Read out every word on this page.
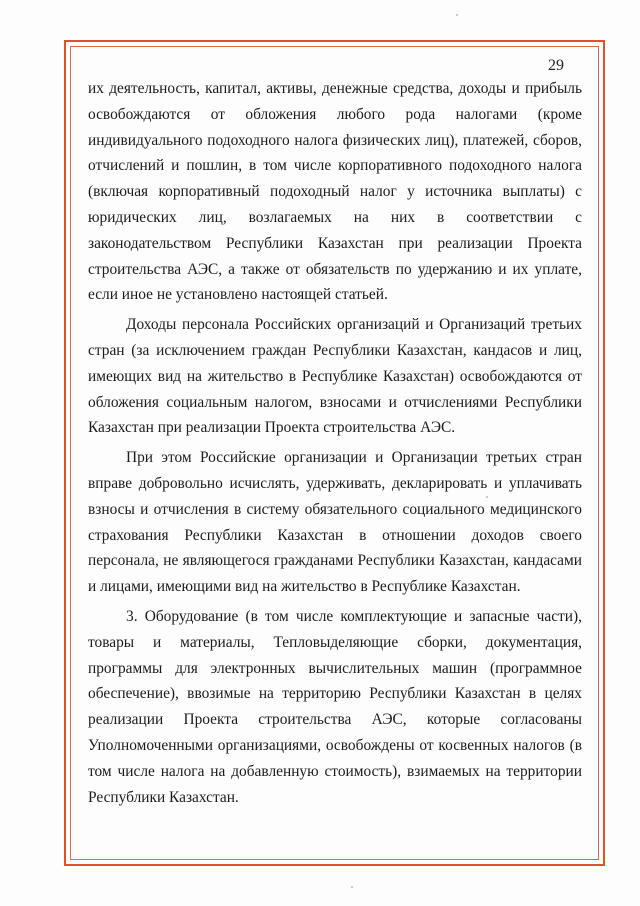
29

их деятельность, капитал, активы, денежные средства, доходы и прибыль освобождаются от обложения любого рода налогами (кроме индивидуального подоходного налога физических лиц), платежей, сборов, отчислений и пошлин, в том числе корпоративного подоходного налога (включая корпоративный подоходный налог у источника выплаты) с юридических лиц, возлагаемых на них в соответствии с законодательством Республики Казахстан при реализации Проекта строительства АЭС, а также от обязательств по удержанию и их уплате, если иное не установлено настоящей статьей.

Доходы персонала Российских организаций и Организаций третьих стран (за исключением граждан Республики Казахстан, кандасов и лиц, имеющих вид на жительство в Республике Казахстан) освобождаются от обложения социальным налогом, взносами и отчислениями Республики Казахстан при реализации Проекта строительства АЭС.

При этом Российские организации и Организации третьих стран вправе добровольно исчислять, удерживать, декларировать и уплачивать взносы и отчисления в систему обязательного социального медицинского страхования Республики Казахстан в отношении доходов своего персонала, не являющегося гражданами Республики Казахстан, кандасами и лицами, имеющими вид на жительство в Республике Казахстан.

3. Оборудование (в том числе комплектующие и запасные части), товары и материалы, Тепловыделяющие сборки, документация, программы для электронных вычислительных машин (программное обеспечение), ввозимые на территорию Республики Казахстан в целях реализации Проекта строительства АЭС, которые согласованы Уполномоченными организациями, освобождены от косвенных налогов (в том числе налога на добавленную стоимость), взимаемых на территории Республики Казахстан.
